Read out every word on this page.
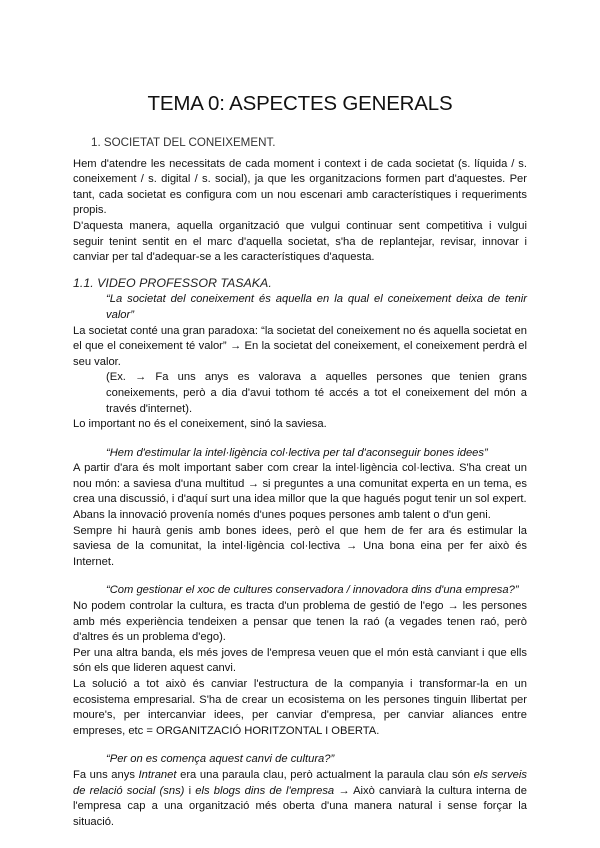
TEMA 0: ASPECTES GENERALS

1. SOCIETAT DEL CONEIXEMENT.

Hem d'atendre les necessitats de cada moment i context i de cada societat (s. líquida / s. coneixement / s. digital / s. social), ja que les organitzacions formen part d'aquestes. Per tant, cada societat es configura com un nou escenari amb característiques i requeriments propis.

D'aquesta manera, aquella organització que vulgui continuar sent competitiva i vulgui seguir tenint sentit en el marc d'aquella societat, s'ha de replantejar, revisar, innovar i canviar per tal d'adequar-se a les característiques d'aquesta.

1.1. VIDEO PROFESSOR TASAKA.

“La societat del coneixement és aquella en la qual el coneixement deixa de tenir valor”

La societat conté una gran paradoxa: “la societat del coneixement no és aquella societat en el que el coneixement té valor” → En la societat del coneixement, el coneixement perdrà el seu valor.

(Ex. → Fa uns anys es valorava a aquelles persones que tenien grans coneixements, però a dia d'avui tothom té accés a tot el coneixement del món a través d'internet).

Lo important no és el coneixement, sinó la saviesa.

“Hem d'estimular la intel·ligència col·lectiva per tal d'aconseguir bones idees”

A partir d'ara és molt important saber com crear la intel·ligència col·lectiva. S'ha creat un nou món: a saviesa d'una multitud → si preguntes a una comunitat experta en un tema, es crea una discussió, i d'aquí surt una idea millor que la que hagués pogut tenir un sol expert.

Abans la innovació provenía només d'unes poques persones amb talent o d'un geni.

Sempre hi haurà genis amb bones idees, però el que hem de fer ara és estimular la saviesa de la comunitat, la intel·ligència col·lectiva → Una bona eina per fer això és Internet.

“Com gestionar el xoc de cultures conservadora / innovadora dins d'una empresa?”

No podem controlar la cultura, es tracta d'un problema de gestió de l'ego → les persones amb més experiència tendeixen a pensar que tenen la raó (a vegades tenen raó, però d'altres és un problema d'ego).

Per una altra banda, els més joves de l'empresa veuen que el món està canviant i que ells són els que lideren aquest canvi.

La solució a tot això és canviar l'estructura de la companyia i transformar-la en un ecosistema empresarial. S'ha de crear un ecosistema on les persones tinguin llibertat per moure's, per intercanviar idees, per canviar d'empresa, per canviar aliances entre empreses, etc = ORGANITZACIÓ HORITZONTAL I OBERTA.

“Per on es comença aquest canvi de cultura?”

Fa uns anys Intranet era una paraula clau, però actualment la paraula clau són els serveis de relació social (sns) i els blogs dins de l'empresa → Això canviarà la cultura interna de l'empresa cap a una organització més oberta d'una manera natural i sense forçar la situació.
